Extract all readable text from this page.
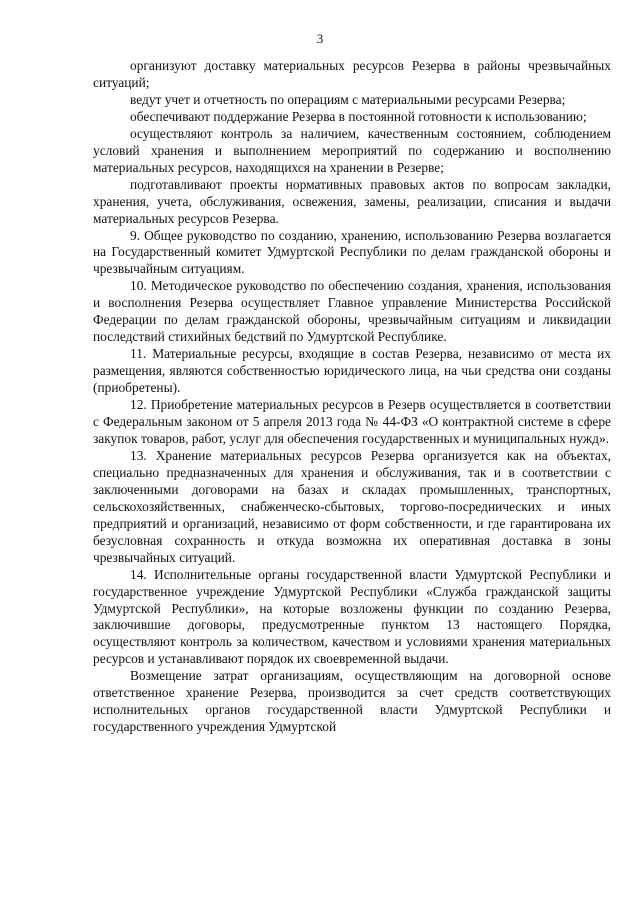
3

организуют доставку материальных ресурсов Резерва в районы чрезвычайных ситуаций;

ведут учет и отчетность по операциям с материальными ресурсами Резерва;

обеспечивают поддержание Резерва в постоянной готовности к использованию;

осуществляют контроль за наличием, качественным состоянием, соблюдением условий хранения и выполнением мероприятий по содержанию и восполнению материальных ресурсов, находящихся на хранении в Резерве;

подготавливают проекты нормативных правовых актов по вопросам закладки, хранения, учета, обслуживания, освежения, замены, реализации, списания и выдачи материальных ресурсов Резерва.

9. Общее руководство по созданию, хранению, использованию Резерва возлагается на Государственный комитет Удмуртской Республики по делам гражданской обороны и чрезвычайным ситуациям.

10. Методическое руководство по обеспечению создания, хранения, использования и восполнения Резерва осуществляет Главное управление Министерства Российской Федерации по делам гражданской обороны, чрезвычайным ситуациям и ликвидации последствий стихийных бедствий по Удмуртской Республике.

11. Материальные ресурсы, входящие в состав Резерва, независимо от места их размещения, являются собственностью юридического лица, на чьи средства они созданы (приобретены).

12. Приобретение материальных ресурсов в Резерв осуществляется в соответствии с Федеральным законом от 5 апреля 2013 года № 44-ФЗ «О контрактной системе в сфере закупок товаров, работ, услуг для обеспечения государственных и муниципальных нужд».

13. Хранение материальных ресурсов Резерва организуется как на объектах, специально предназначенных для хранения и обслуживания, так и в соответствии с заключенными договорами на базах и складах промышленных, транспортных, сельскохозяйственных, снабженческо-сбытовых, торгово-посреднических и иных предприятий и организаций, независимо от форм собственности, и где гарантирована их безусловная сохранность и откуда возможна их оперативная доставка в зоны чрезвычайных ситуаций.

14. Исполнительные органы государственной власти Удмуртской Республики и государственное учреждение Удмуртской Республики «Служба гражданской защиты Удмуртской Республики», на которые возложены функции по созданию Резерва, заключившие договоры, предусмотренные пунктом 13 настоящего Порядка, осуществляют контроль за количеством, качеством и условиями хранения материальных ресурсов и устанавливают порядок их своевременной выдачи.

Возмещение затрат организациям, осуществляющим на договорной основе ответственное хранение Резерва, производится за счет средств соответствующих исполнительных органов государственной власти Удмуртской Республики и государственного учреждения Удмуртской
